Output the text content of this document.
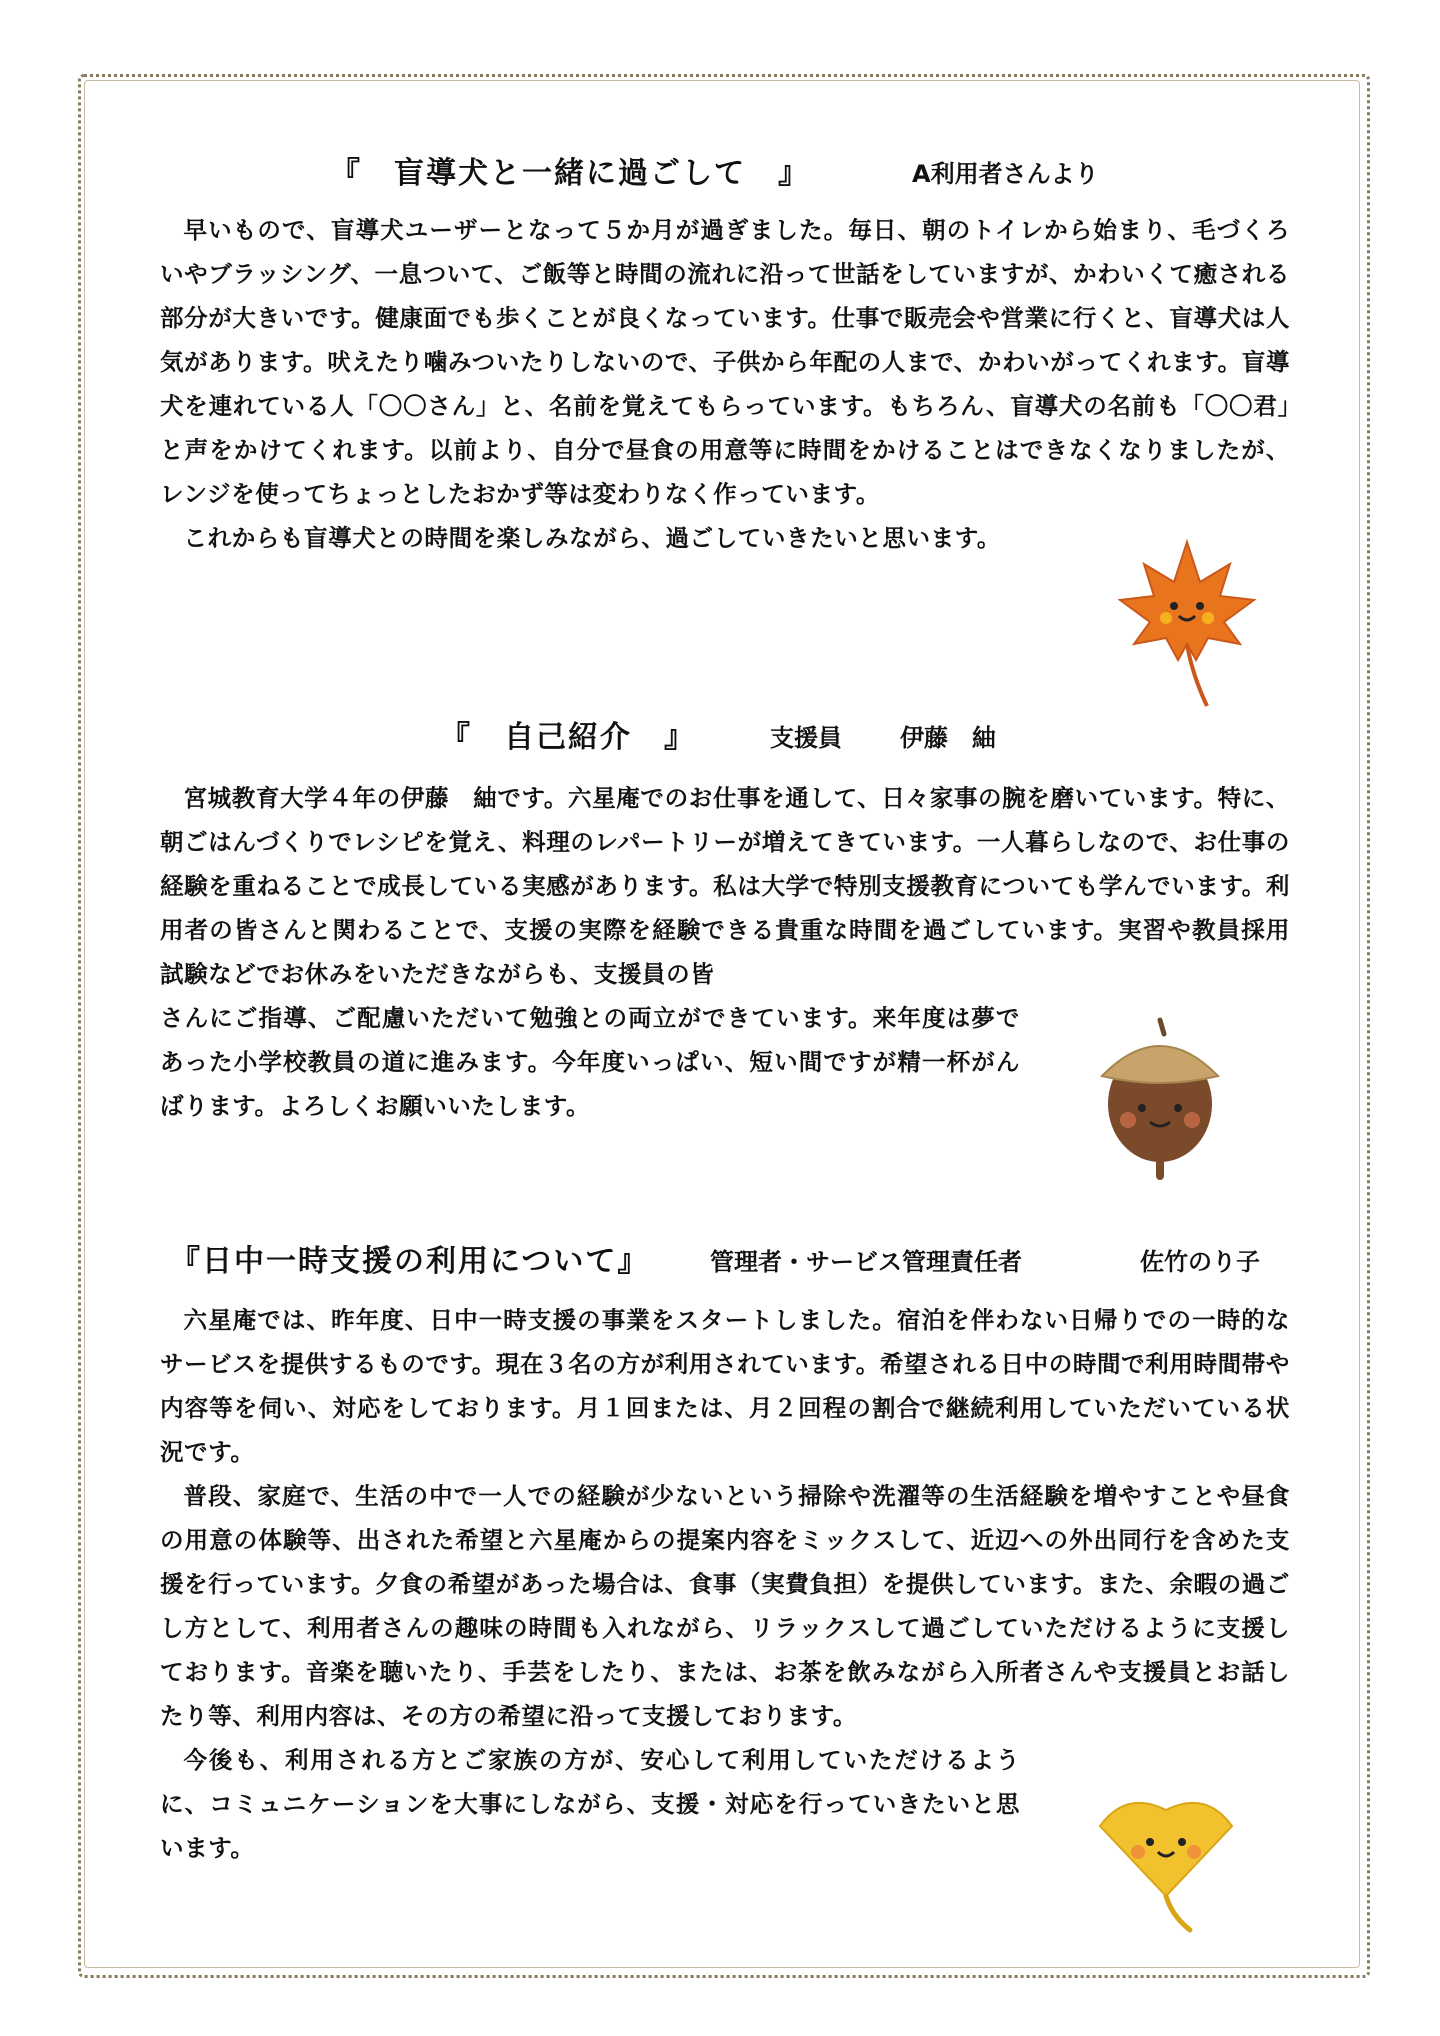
『　盲導犬と一緒に過ごして　』	A利用者さんより

早いもので、盲導犬ユーザーとなって５か月が過ぎました。毎日、朝のトイレから始まり、毛づくろいやブラッシング、一息ついて、ご飯等と時間の流れに沿って世話をしていますが、かわいくて癒される部分が大きいです。健康面でも歩くことが良くなっています。仕事で販売会や営業に行くと、盲導犬は人気があります。吠えたり噛みついたりしないので、子供から年配の人まで、かわいがってくれます。盲導犬を連れている人「〇〇さん」と、名前を覚えてもらっています。もちろん、盲導犬の名前も「〇〇君」と声をかけてくれます。以前より、自分で昼食の用意等に時間をかけることはできなくなりましたが、レンジを使ってちょっとしたおかず等は変わりなく作っています。

これからも盲導犬との時間を楽しみながら、過ごしていきたいと思います。

『　自己紹介　』	支援員 伊藤　紬

宮城教育大学４年の伊藤　紬です。六星庵でのお仕事を通して、日々家事の腕を磨いています。特に、朝ごはんづくりでレシピを覚え、料理のレパートリーが増えてきています。一人暮らしなので、お仕事の経験を重ねることで成長している実感があります。私は大学で特別支援教育についても学んでいます。利用者の皆さんと関わることで、支援の実際を経験できる貴重な時間を過ごしています。実習や教員採用試験などでお休みをいただきながらも、支援員の皆

さんにご指導、ご配慮いただいて勉強との両立ができています。来年度は夢であった小学校教員の道に進みます。今年度いっぱい、短い間ですが精一杯がんばります。よろしくお願いいたします。

『日中一時支援の利用について』	管理者・サービス管理責任者	佐竹のり子

六星庵では、昨年度、日中一時支援の事業をスタートしました。宿泊を伴わない日帰りでの一時的なサービスを提供するものです。現在３名の方が利用されています。希望される日中の時間で利用時間帯や内容等を伺い、対応をしております。月１回または、月２回程の割合で継続利用していただいている状況です。

普段、家庭で、生活の中で一人での経験が少ないという掃除や洗濯等の生活経験を増やすことや昼食の用意の体験等、出された希望と六星庵からの提案内容をミックスして、近辺への外出同行を含めた支援を行っています。夕食の希望があった場合は、食事（実費負担）を提供しています。また、余暇の過ごし方として、利用者さんの趣味の時間も入れながら、リラックスして過ごしていただけるように支援しております。音楽を聴いたり、手芸をしたり、または、お茶を飲みながら入所者さんや支援員とお話したり等、利用内容は、その方の希望に沿って支援しております。

今後も、利用される方とご家族の方が、安心して利用していただけるように、コミュニケーションを大事にしながら、支援・対応を行っていきたいと思います。
